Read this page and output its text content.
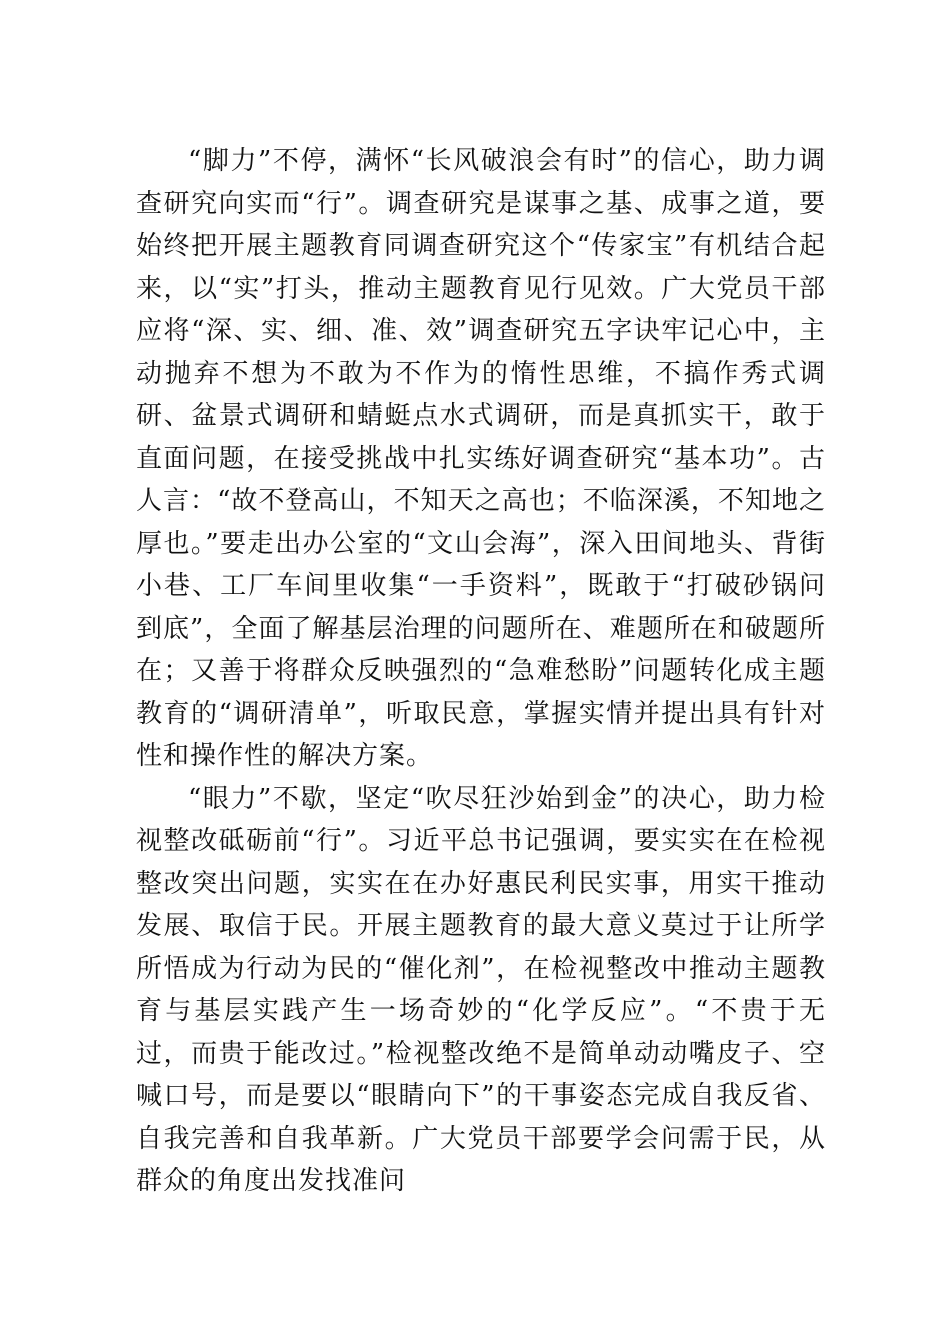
“脚力”不停，满怀“长风破浪会有时”的信心，助力调查研究向实而“行”。调查研究是谋事之基、成事之道，要始终把开展主题教育同调查研究这个“传家宝”有机结合起来，以“实”打头，推动主题教育见行见效。广大党员干部应将“深、实、细、准、效”调查研究五字诀牢记心中，主动抛弃不想为不敢为不作为的惰性思维，不搞作秀式调研、盆景式调研和蜻蜓点水式调研，而是真抓实干，敢于直面问题，在接受挑战中扎实练好调查研究“基本功”。古人言：“故不登高山，不知天之高也；不临深溪，不知地之厚也。”要走出办公室的“文山会海”，深入田间地头、背街小巷、工厂车间里收集“一手资料”，既敢于“打破砂锅问到底”，全面了解基层治理的问题所在、难题所在和破题所在；又善于将群众反映强烈的“急难愁盼”问题转化成主题教育的“调研清单”，听取民意，掌握实情并提出具有针对性和操作性的解决方案。

“眼力”不歇，坚定“吹尽狂沙始到金”的决心，助力检视整改砥砺前“行”。习近平总书记强调，要实实在在检视整改突出问题，实实在在办好惠民利民实事，用实干推动发展、取信于民。开展主题教育的最大意义莫过于让所学所悟成为行动为民的“催化剂”，在检视整改中推动主题教育与基层实践产生一场奇妙的“化学反应”。“不贵于无过，而贵于能改过。”检视整改绝不是简单动动嘴皮子、空喊口号，而是要以“眼睛向下”的干事姿态完成自我反省、自我完善和自我革新。广大党员干部要学会问需于民，从群众的角度出发找准问
